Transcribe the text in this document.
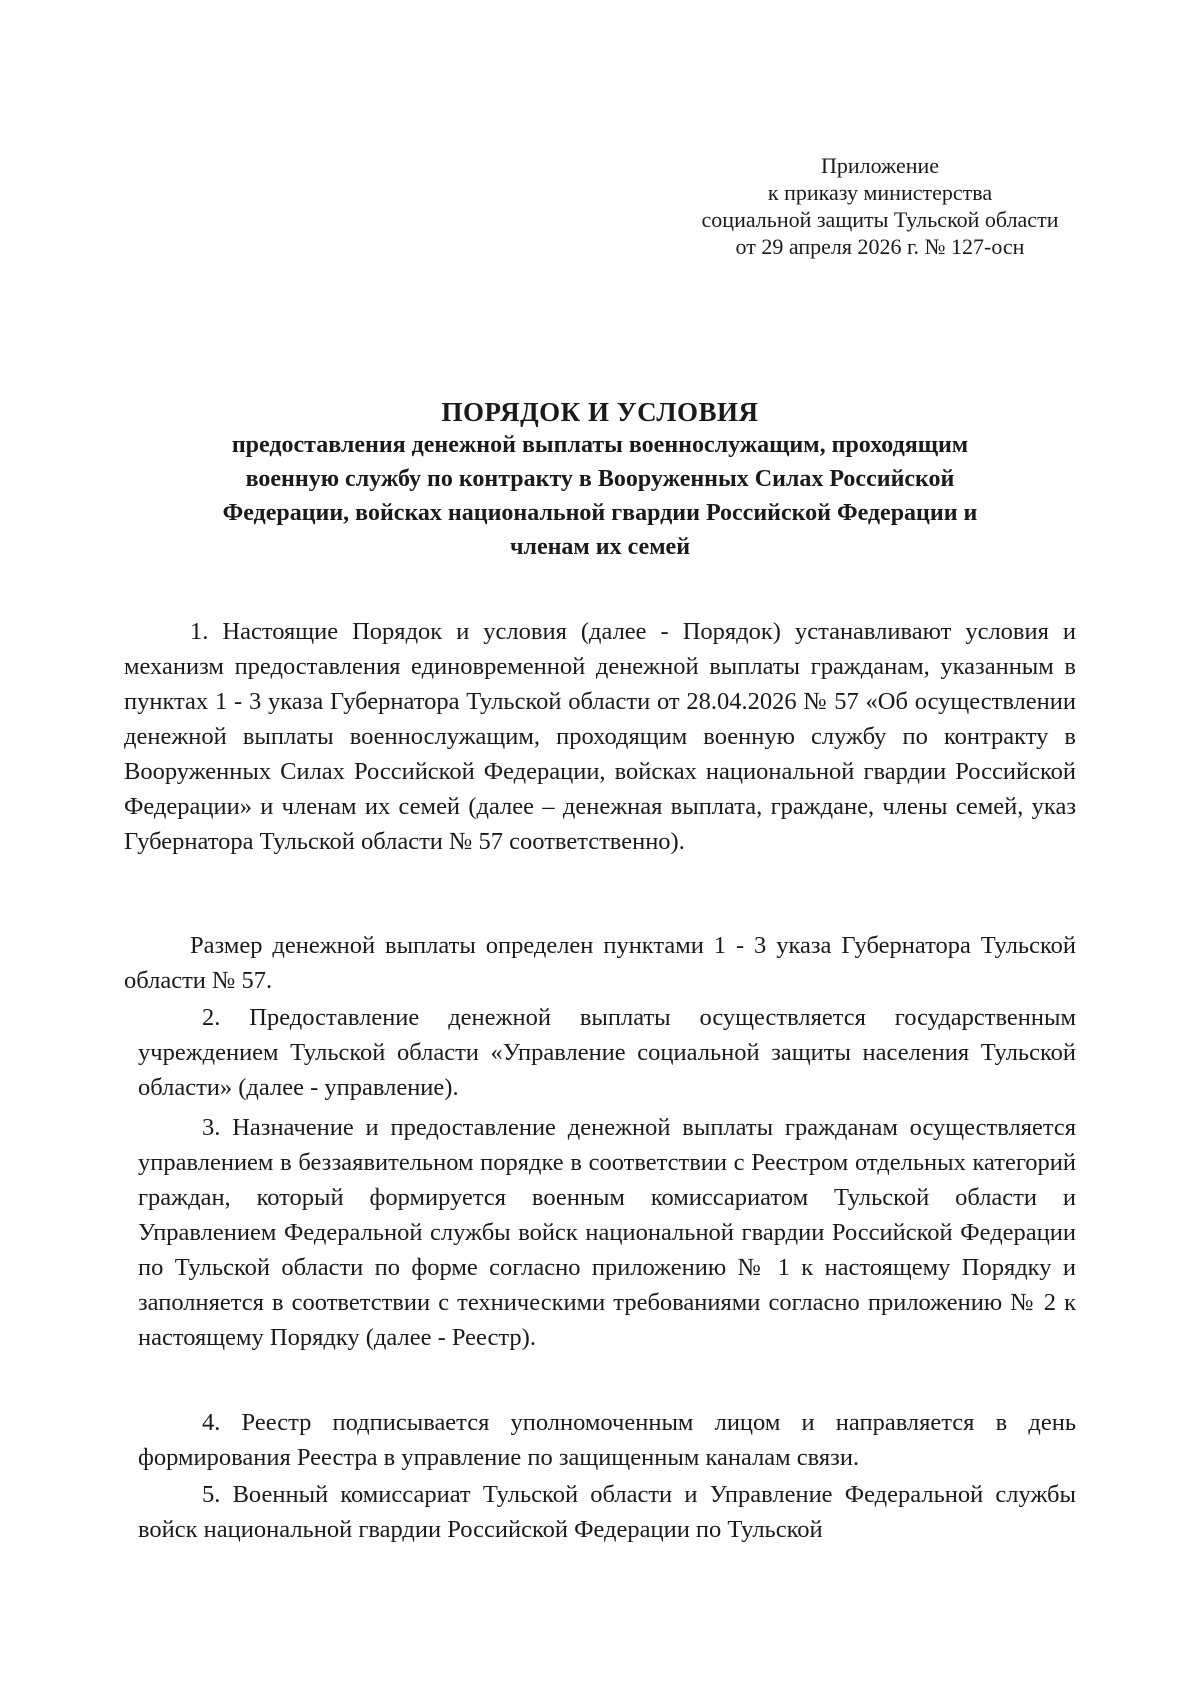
Приложение
к приказу министерства
социальной защиты Тульской области
от 29 апреля 2026 г. № 127-осн
ПОРЯДОК И УСЛОВИЯ
предоставления денежной выплаты военнослужащим, проходящим
военную службу по контракту в Вооруженных Силах Российской
Федерации, войсках национальной гвардии Российской Федерации и
членам их семей

1. Настоящие Порядок и условия (далее - Порядок) устанавливают условия и механизм предоставления единовременной денежной выплаты гражданам, указанным в пунктах 1 - 3 указа Губернатора Тульской области от 28.04.2026 № 57 «Об осуществлении денежной выплаты военнослужащим, проходящим военную службу по контракту в Вооруженных Силах Российской Федерации, войсках национальной гвардии Российской Федерации» и членам их семей (далее – денежная выплата, граждане, члены семей, указ Губернатора Тульской области № 57 соответственно).

Размер денежной выплаты определен пунктами 1 - 3 указа Губернатора Тульской области № 57.

2. Предоставление денежной выплаты осуществляется государственным учреждением Тульской области «Управление социальной защиты населения Тульской области» (далее - управление).

3. Назначение и предоставление денежной выплаты гражданам осуществляется управлением в беззаявительном порядке в соответствии с Реестром отдельных категорий граждан, который формируется военным комиссариатом Тульской области и Управлением Федеральной службы войск национальной гвардии Российской Федерации по Тульской области по форме согласно приложению № 1 к настоящему Порядку и заполняется в соответствии с техническими требованиями согласно приложению № 2 к настоящему Порядку (далее - Реестр).

4. Реестр подписывается уполномоченным лицом и направляется в день формирования Реестра в управление по защищенным каналам связи.

5. Военный комиссариат Тульской области и Управление Федеральной службы войск национальной гвардии Российской Федерации по Тульской
